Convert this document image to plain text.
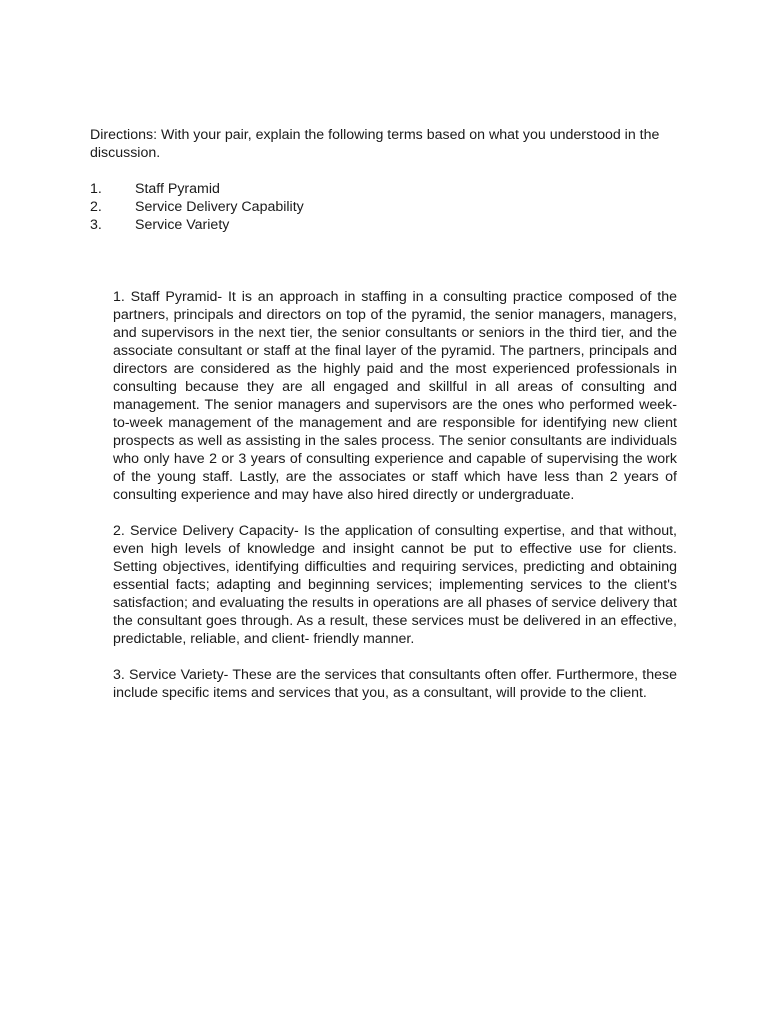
Directions: With your pair, explain the following terms based on what you understood in the discussion.

1.	Staff Pyramid
2.	Service Delivery Capability
3.	Service Variety

1. Staff Pyramid- It is an approach in staffing in a consulting practice composed of the partners, principals and directors on top of the pyramid, the senior managers, managers, and supervisors in the next tier, the senior consultants or seniors in the third tier, and the associate consultant or staff at the final layer of the pyramid. The partners, principals and directors are considered as the highly paid and the most experienced professionals in consulting because they are all engaged and skillful in all areas of consulting and management. The senior managers and supervisors are the ones who performed week-to-week management of the management and are responsible for identifying new client prospects as well as assisting in the sales process. The senior consultants are individuals who only have 2 or 3 years of consulting experience and capable of supervising the work of the young staff. Lastly, are the associates or staff which have less than 2 years of consulting experience and may have also hired directly or undergraduate.

2. Service Delivery Capacity- Is the application of consulting expertise, and that without, even high levels of knowledge and insight cannot be put to effective use for clients. Setting objectives, identifying difficulties and requiring services, predicting and obtaining essential facts; adapting and beginning services; implementing services to the client's satisfaction; and evaluating the results in operations are all phases of service delivery that the consultant goes through. As a result, these services must be delivered in an effective, predictable, reliable, and client- friendly manner.

3. Service Variety- These are the services that consultants often offer. Furthermore, these include specific items and services that you, as a consultant, will provide to the client.
